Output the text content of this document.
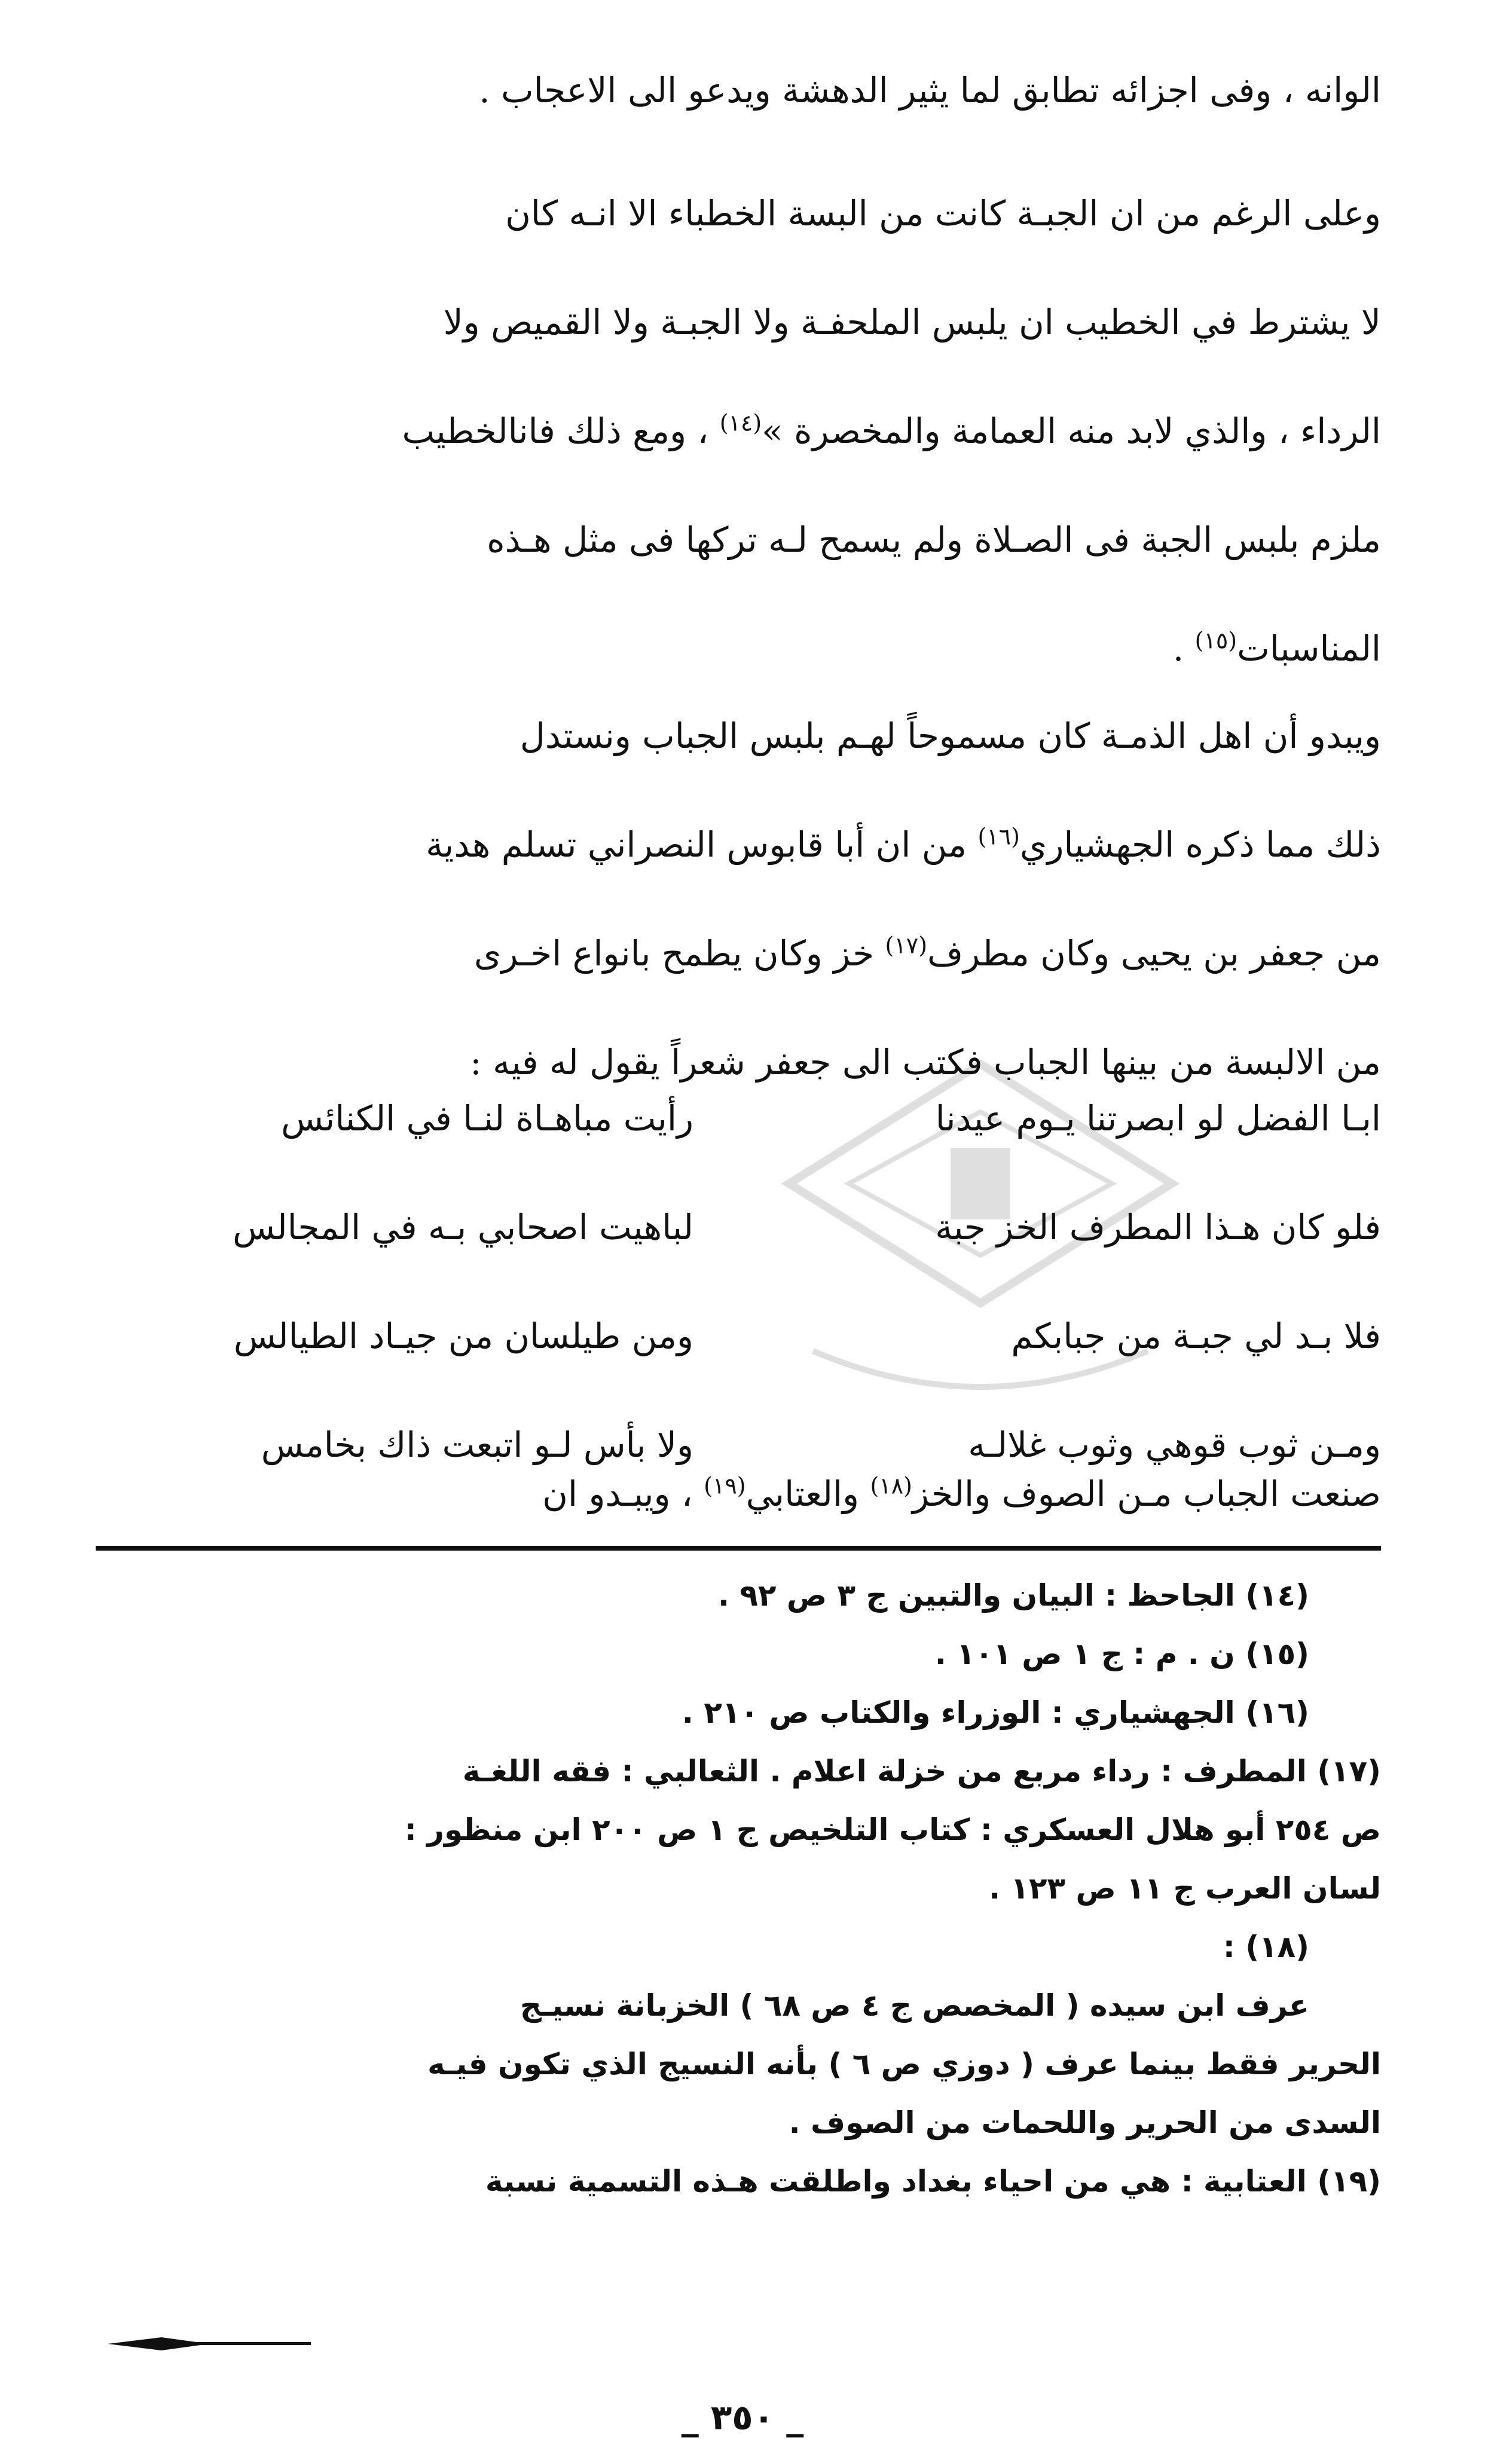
الوانه ، وفى اجزائه تطابق لما يثير الدهشة ويدعو الى الاعجاب .
وعلى الرغم من ان الجبـة كانت من البسة الخطباء الا انـه كان
لا يشترط في الخطيب ان يلبس الملحفـة ولا الجبـة ولا القميص ولا
الرداء ، والذي لابد منه العمامة والمخصرة »$^{(١٤)}$ ، ومع ذلك فانالخطيب
ملزم بلبس الجبة فى الصـلاة ولم يسمح لـه تركها فى مثل هـذه
المناسبات$^{(١٥)}$ .
ويبدو أن اهل الذمـة كان مسموحاً لهـم بلبس الجباب ونستدل
ذلك مما ذكره الجهشياري$^{(١٦)}$ من ان أبا قابوس النصراني تسلم هدية
من جعفر بن يحيى وكان مطرف$^{(١٧)}$ خز وكان يطمح بانواع اخـرى
من الالبسة من بينها الجباب فكتب الى جعفر شعراً يقول له فيه :
ابـا الفضل لو ابصرتنا يـوم عيدنا
رأيت مباهـاة لنـا في الكنائس
فلو كان هـذا المطرف الخز جبة
لباهيت اصحابي بـه في المجالس
فلا بـد لي جبـة من جبابكم
ومن طيلسان من جيـاد الطيالس
ومـن ثوب قوهي وثوب غلالـه
ولا بأس لـو اتبعت ذاك بخامس
صنعت الجباب مـن الصوف والخز$^{(١٨)}$ والعتابي$^{(١٩)}$ ، ويبـدو ان
(١٤) الجاحظ : البيان والتبين ج ٣ ص ٩٢ .
(١٥) ن . م : ج ١ ص ١٠١ .
(١٦) الجهشياري : الوزراء والكتاب ص ٢١٠ .
(١٧) المطرف : رداء مربع من خزلة اعلام . الثعالبي : فقه اللغـة
ص ٢٥٤ أبو هلال العسكري : كتاب التلخيص ج ١ ص ٢٠٠ ابن منظور :
لسان العرب ج ١١ ص ١٢٣ .
(١٨) :
عرف ابن سيده ( المخصص ج ٤ ص ٦٨ ) الخزبانة نسيـج
الحرير فقط بينما عرف ( دوزي ص ٦ ) بأنه النسيج الذي تكون فيـه
السدى من الحرير واللحمات من الصوف .
(١٩) العتابية : هي من احياء بغداد واطلقت هـذه التسمية نسبة
_ ٣٥٠ _
